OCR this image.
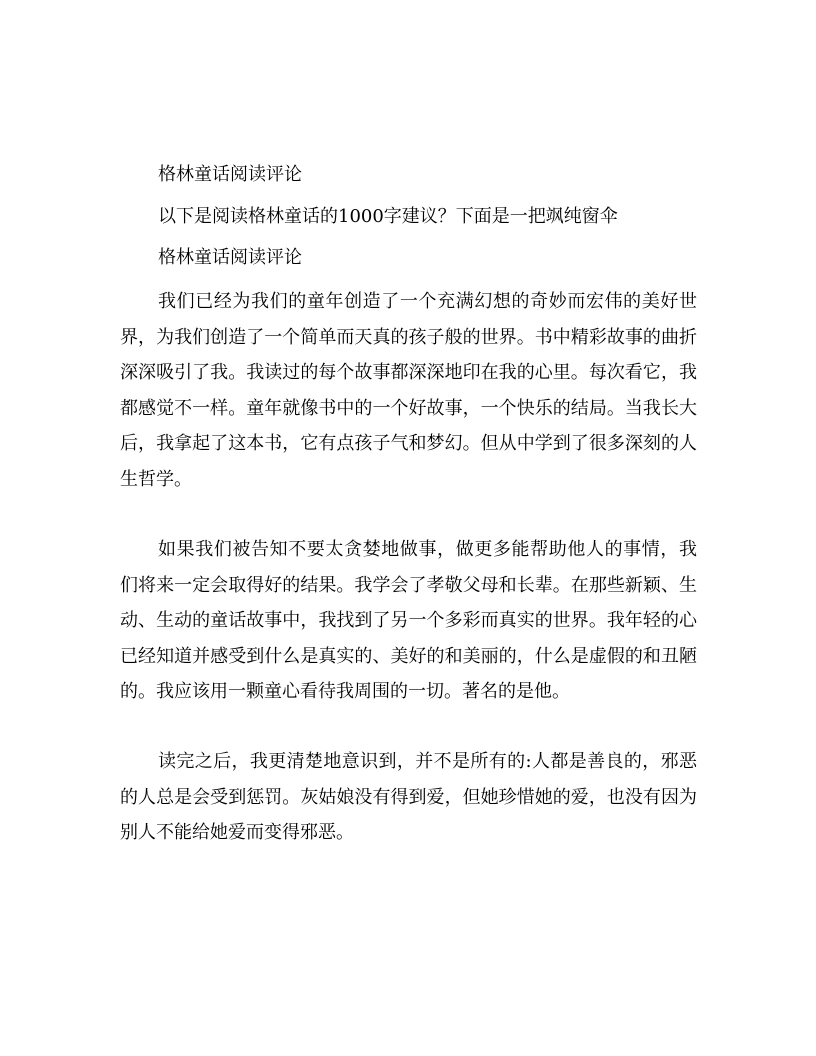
格林童话阅读评论
以下是阅读格林童话的1000字建议？下面是一把飒纯窗伞
格林童话阅读评论

我们已经为我们的童年创造了一个充满幻想的奇妙而宏伟的美好世界，为我们创造了一个简单而天真的孩子般的世界。书中精彩故事的曲折深深吸引了我。我读过的每个故事都深深地印在我的心里。每次看它，我都感觉不一样。童年就像书中的一个好故事，一个快乐的结局。当我长大后，我拿起了这本书，它有点孩子气和梦幻。但从中学到了很多深刻的人生哲学。

如果我们被告知不要太贪婪地做事，做更多能帮助他人的事情，我们将来一定会取得好的结果。我学会了孝敬父母和长辈。在那些新颖、生动、生动的童话故事中，我找到了另一个多彩而真实的世界。我年轻的心已经知道并感受到什么是真实的、美好的和美丽的，什么是虚假的和丑陋的。我应该用一颗童心看待我周围的一切。著名的是他。

读完之后，我更清楚地意识到，并不是所有的:人都是善良的，邪恶的人总是会受到惩罚。灰姑娘没有得到爱，但她珍惜她的爱，也没有因为别人不能给她爱而变得邪恶。
